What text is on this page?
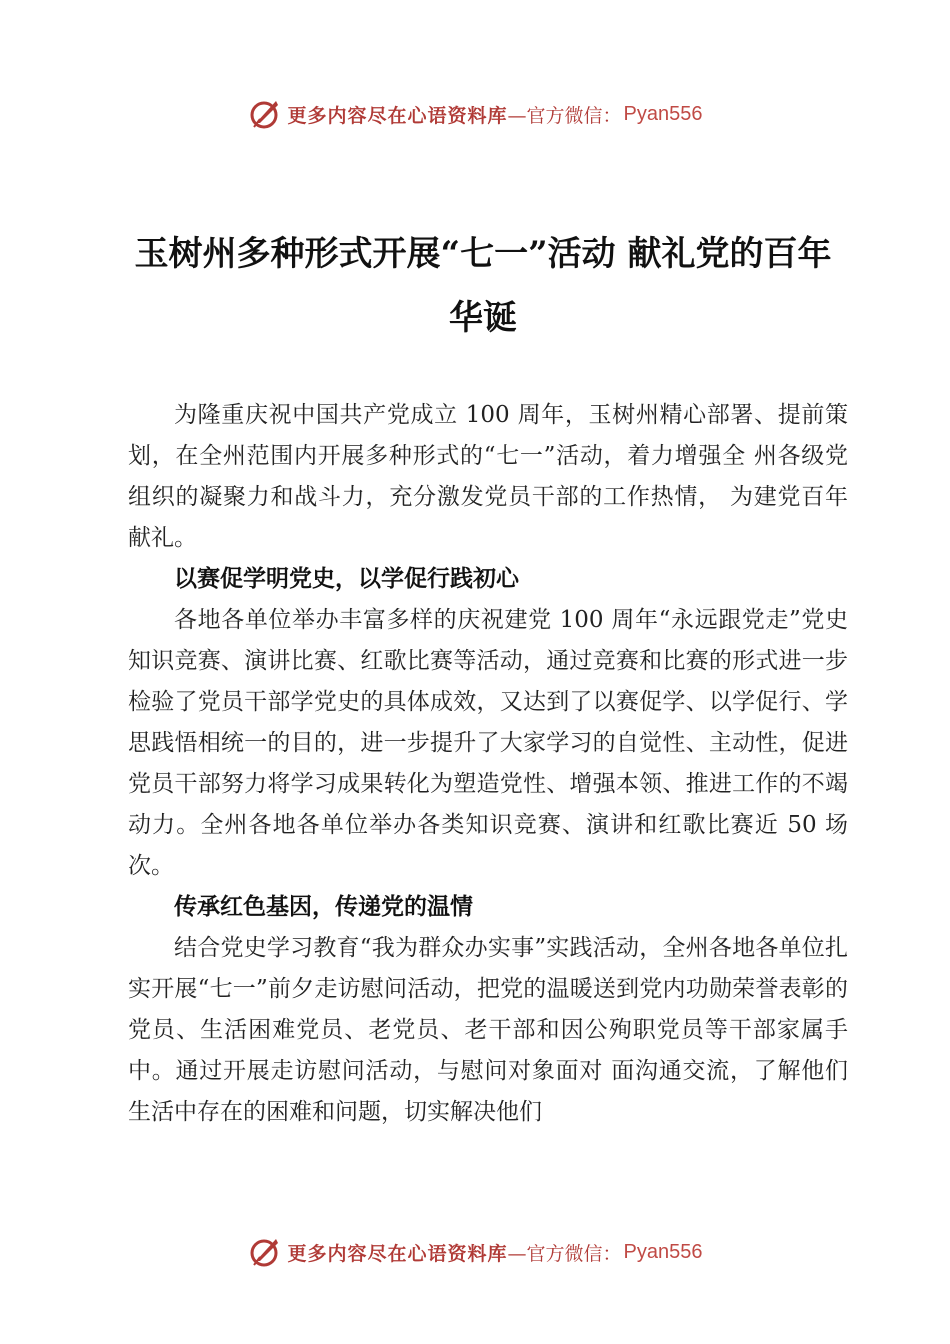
更多内容尽在心语资料库 —官方微信： Pyan556
玉树州多种形式开展“七一”活动 献礼党的百年华诞

为隆重庆祝中国共产党成立 100 周年，玉树州精心部署、提前策划，在全州范围内开展多种形式的“七一”活动，着力增强全 州各级党组织的凝聚力和战斗力，充分激发党员干部的工作热情， 为建党百年献礼。

以赛促学明党史，以学促行践初心

各地各单位举办丰富多样的庆祝建党 100 周年“永远跟党走”党史知识竞赛、演讲比赛、红歌比赛等活动，通过竞赛和比赛的形式进一步检验了党员干部学党史的具体成效，又达到了以赛促学、以学促行、学思践悟相统一的目的，进一步提升了大家学习的自觉性、主动性，促进党员干部努力将学习成果转化为塑造党性、增强本领、推进工作的不竭动力。全州各地各单位举办各类知识竞赛、演讲和红歌比赛近 50 场次。

传承红色基因，传递党的温情

结合党史学习教育“我为群众办实事”实践活动，全州各地各单位扎实开展“七一”前夕走访慰问活动，把党的温暖送到党内功勋荣誉表彰的党员、生活困难党员、老党员、老干部和因公殉职党员等干部家属手中。通过开展走访慰问活动，与慰问对象面对 面沟通交流，了解他们生活中存在的困难和问题，切实解决他们

更多内容尽在心语资料库 —官方微信： Pyan556
